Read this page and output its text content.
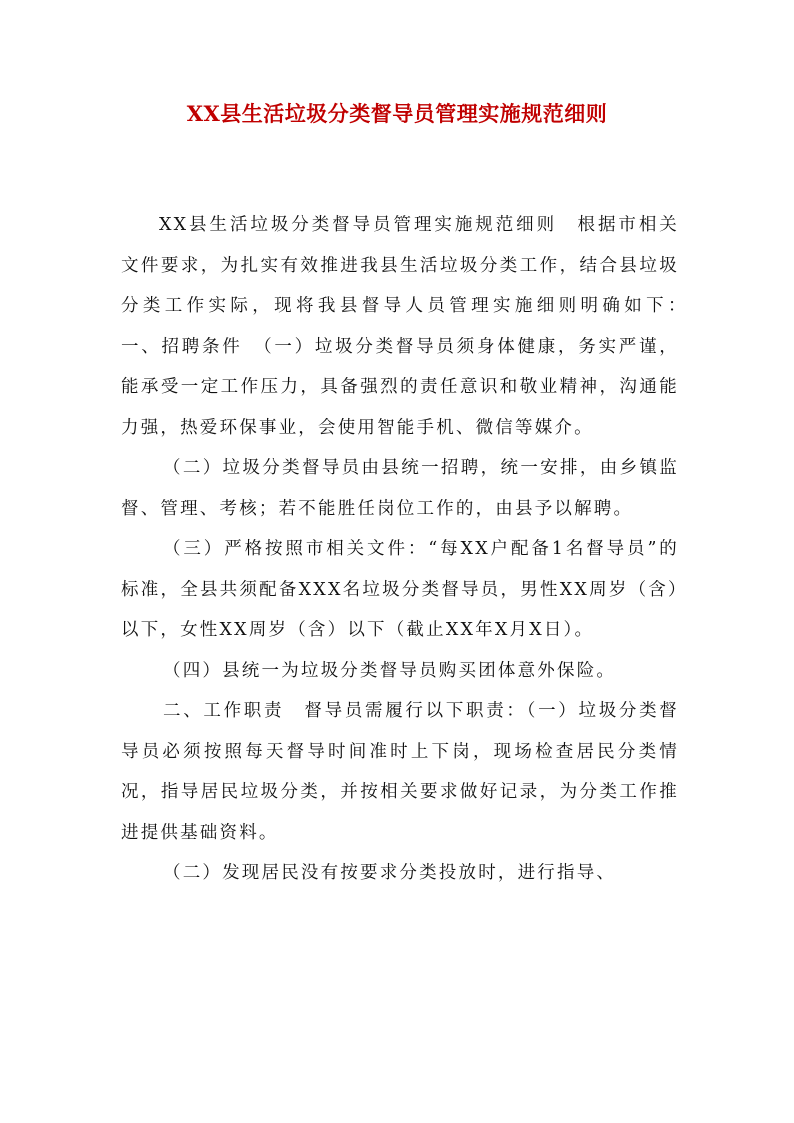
XX县生活垃圾分类督导员管理实施规范细则

XX县生活垃圾分类督导员管理实施规范细则　根据市相关文件要求，为扎实有效推进我县生活垃圾分类工作，结合县垃圾分类工作实际，现将我县督导人员管理实施细则明确如下：　一、招聘条件　（一）垃圾分类督导员须身体健康，务实严谨，能承受一定工作压力，具备强烈的责任意识和敬业精神，沟通能力强，热爱环保事业，会使用智能手机、微信等媒介。

（二）垃圾分类督导员由县统一招聘，统一安排，由乡镇监督、管理、考核；若不能胜任岗位工作的，由县予以解聘。

（三）严格按照市相关文件：“每XX户配备1名督导员”的标准，全县共须配备XXX名垃圾分类督导员，男性XX周岁（含）以下，女性XX周岁（含）以下（截止XX年X月X日）。

（四）县统一为垃圾分类督导员购买团体意外保险。

二、工作职责　督导员需履行以下职责：（一）垃圾分类督导员必须按照每天督导时间准时上下岗，现场检查居民分类情况，指导居民垃圾分类，并按相关要求做好记录，为分类工作推进提供基础资料。

（二）发现居民没有按要求分类投放时，进行指导、
